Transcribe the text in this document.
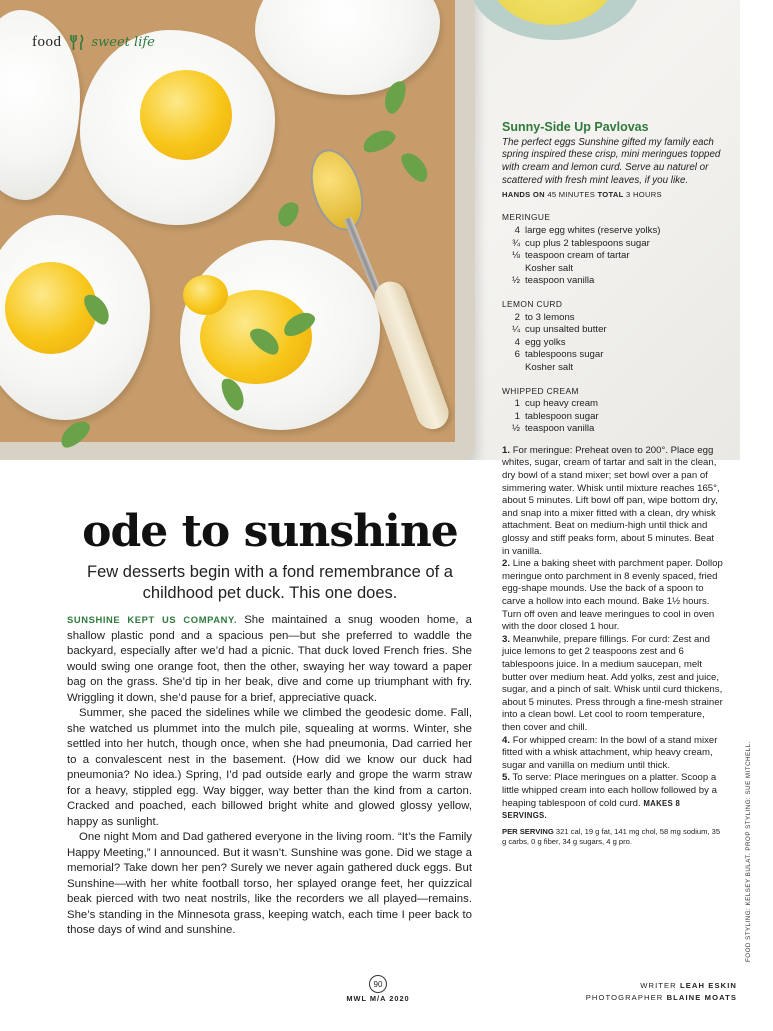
food sweet life
ode to sunshine
Few desserts begin with a fond remembrance of a childhood pet duck. This one does.

SUNSHINE KEPT US COMPANY. She maintained a snug wooden home, a shallow plastic pond and a spacious pen—but she preferred to waddle the backyard, especially after we’d had a picnic. That duck loved French fries. She would swing one orange foot, then the other, swaying her way toward a paper bag on the grass. She’d tip in her beak, dive and come up triumphant with fry. Wriggling it down, she’d pause for a brief, appreciative quack.

Summer, she paced the sidelines while we climbed the geodesic dome. Fall, she watched us plummet into the mulch pile, squealing at worms. Winter, she settled into her hutch, though once, when she had pneumonia, Dad carried her to a convalescent nest in the basement. (How did we know our duck had pneumonia? No idea.) Spring, I’d pad outside early and grope the warm straw for a heavy, stippled egg. Way bigger, way better than the kind from a carton. Cracked and poached, each billowed bright white and glowed glossy yellow, happy as sunlight.

One night Mom and Dad gathered everyone in the living room. “It’s the Family Happy Meeting,” I announced. But it wasn’t. Sunshine was gone. Did we stage a memorial? Take down her pen? Surely we never again gathered duck eggs. But Sunshine—with her white football torso, her splayed orange feet, her quizzical beak pierced with two neat nostrils, like the recorders we all played—remains. She’s standing in the Minnesota grass, keeping watch, each time I peer back to those days of wind and sunshine.

Sunny-Side Up Pavlovas
The perfect eggs Sunshine gifted my family each spring inspired these crisp, mini meringues topped with cream and lemon curd. Serve au naturel or scattered with fresh mint leaves, if you like.
HANDS ON 45 MINUTES TOTAL 3 HOURS
MERINGUE
4 large egg whites (reserve yolks)
¾ cup plus 2 tablespoons sugar
⅛ teaspoon cream of tartar
Kosher salt
½ teaspoon vanilla
LEMON CURD
2 to 3 lemons
¼ cup unsalted butter
4 egg yolks
6 tablespoons sugar
Kosher salt
WHIPPED CREAM
1 cup heavy cream
1 tablespoon sugar
½ teaspoon vanilla

1. For meringue: Preheat oven to 200°. Place egg whites, sugar, cream of tartar and salt in the clean, dry bowl of a stand mixer; set bowl over a pan of simmering water. Whisk until mixture reaches 165°, about 5 minutes. Lift bowl off pan, wipe bottom dry, and snap into a mixer fitted with a clean, dry whisk attachment. Beat on medium-high until thick and glossy and stiff peaks form, about 5 minutes. Beat in vanilla.

2. Line a baking sheet with parchment paper. Dollop meringue onto parchment in 8 evenly spaced, fried egg-shape mounds. Use the back of a spoon to carve a hollow into each mound. Bake 1½ hours. Turn off oven and leave meringues to cool in oven with the door closed 1 hour.

3. Meanwhile, prepare fillings. For curd: Zest and juice lemons to get 2 teaspoons zest and 6 tablespoons juice. In a medium saucepan, melt butter over medium heat. Add yolks, zest and juice, sugar, and a pinch of salt. Whisk until curd thickens, about 5 minutes. Press through a fine-mesh strainer into a clean bowl. Let cool to room temperature, then cover and chill.

4. For whipped cream: In the bowl of a stand mixer fitted with a whisk attachment, whip heavy cream, sugar and vanilla on medium until thick.

5. To serve: Place meringues on a platter. Scoop a little whipped cream into each hollow followed by a heaping tablespoon of cold curd. MAKES 8 SERVINGS.

PER SERVING 321 cal, 19 g fat, 141 mg chol, 58 mg sodium, 35 g carbs, 0 g fiber, 34 g sugars, 4 g pro.	FOOD STYLING: KELSEY BULAT. PROP STYLING: SUE MITCHELL.
90
MWL M/A 2020
WRITER LEAH ESKIN
PHOTOGRAPHER BLAINE MOATS
